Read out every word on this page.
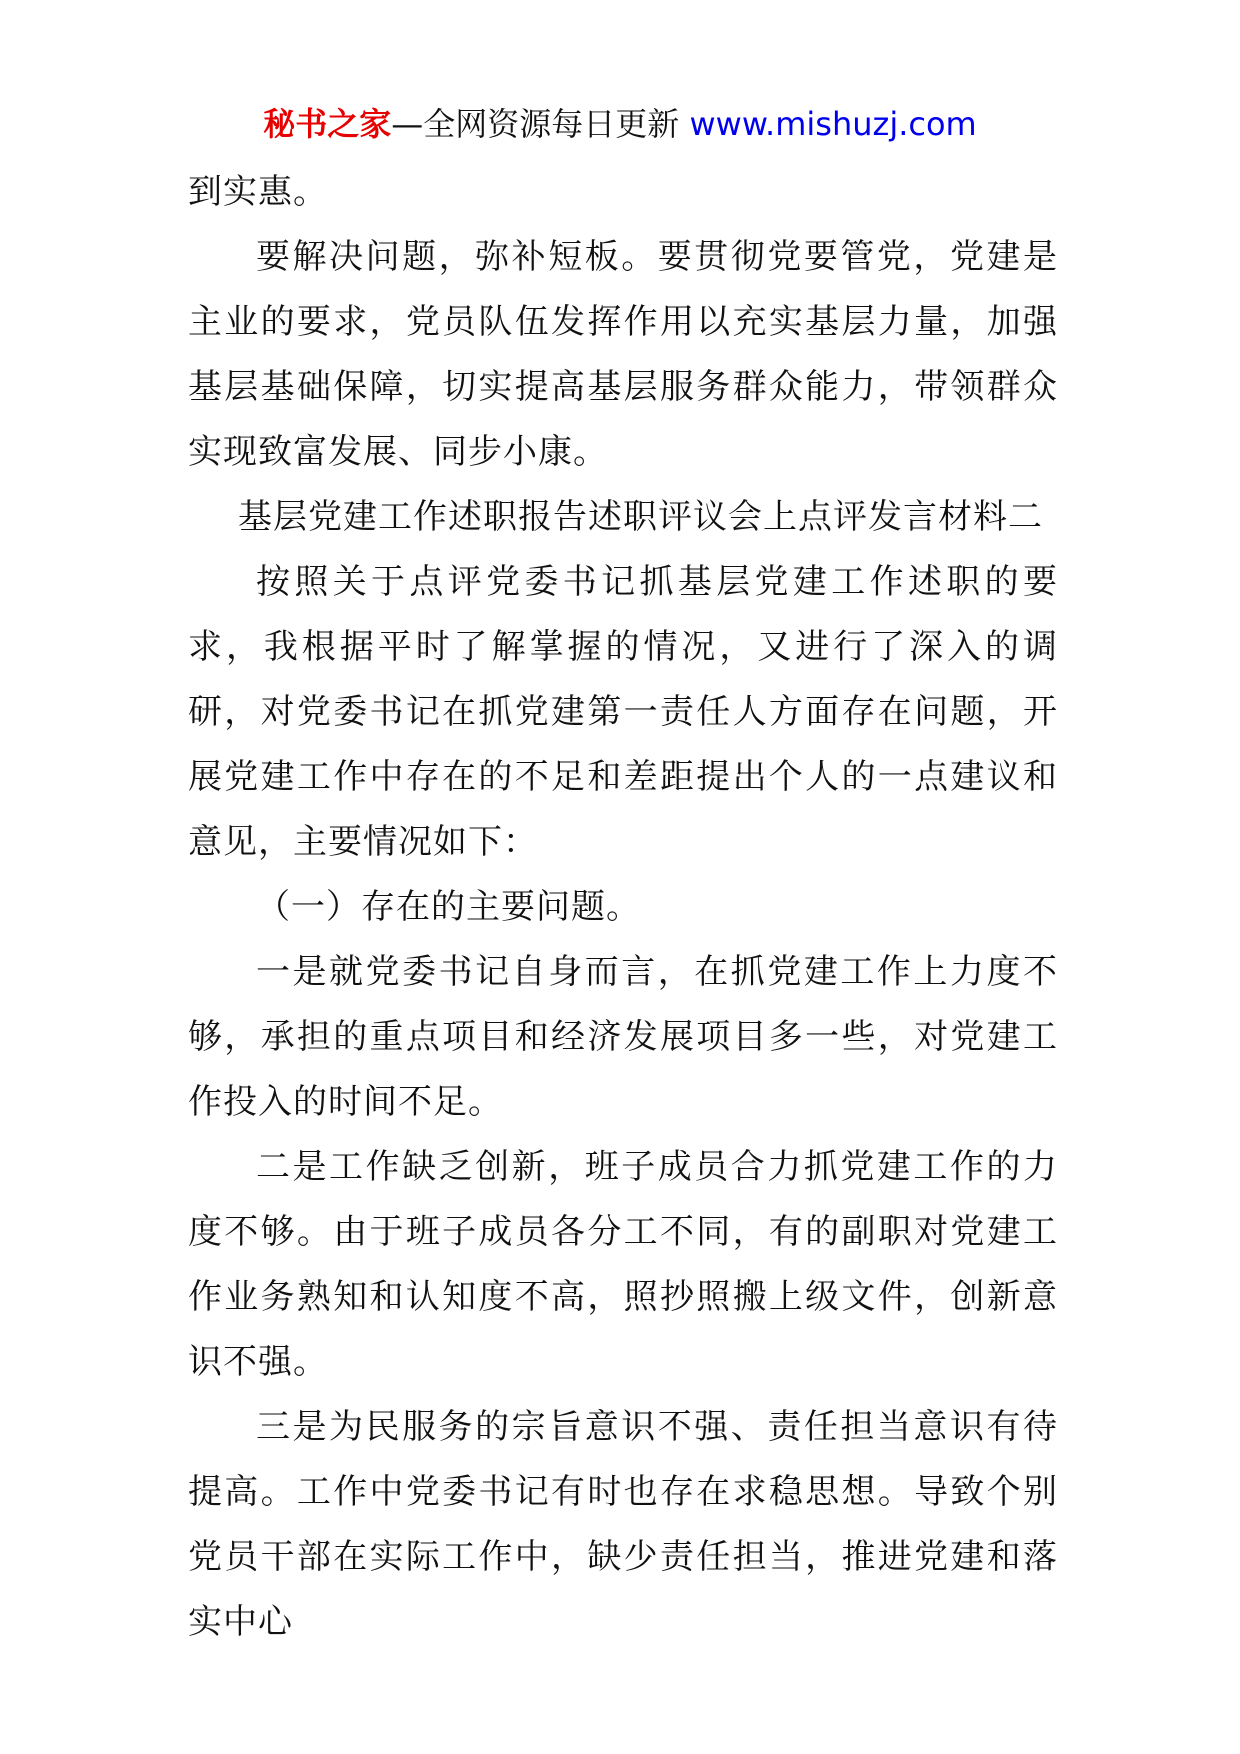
秘书之家—全网资源每日更新 www.mishuzj.com

到实惠。

要解决问题，弥补短板。要贯彻党要管党，党建是主业的要求，党员队伍发挥作用以充实基层力量，加强基层基础保障，切实提高基层服务群众能力，带领群众实现致富发展、同步小康。

基层党建工作述职报告述职评议会上点评发言材料二

按照关于点评党委书记抓基层党建工作述职的要求，我根据平时了解掌握的情况，又进行了深入的调研，对党委书记在抓党建第一责任人方面存在问题，开展党建工作中存在的不足和差距提出个人的一点建议和意见，主要情况如下：

（一）存在的主要问题。

一是就党委书记自身而言，在抓党建工作上力度不够，承担的重点项目和经济发展项目多一些，对党建工作投入的时间不足。

二是工作缺乏创新，班子成员合力抓党建工作的力度不够。由于班子成员各分工不同，有的副职对党建工作业务熟知和认知度不高，照抄照搬上级文件，创新意识不强。

三是为民服务的宗旨意识不强、责任担当意识有待提高。工作中党委书记有时也存在求稳思想。导致个别党员干部在实际工作中，缺少责任担当，推进党建和落实中心
